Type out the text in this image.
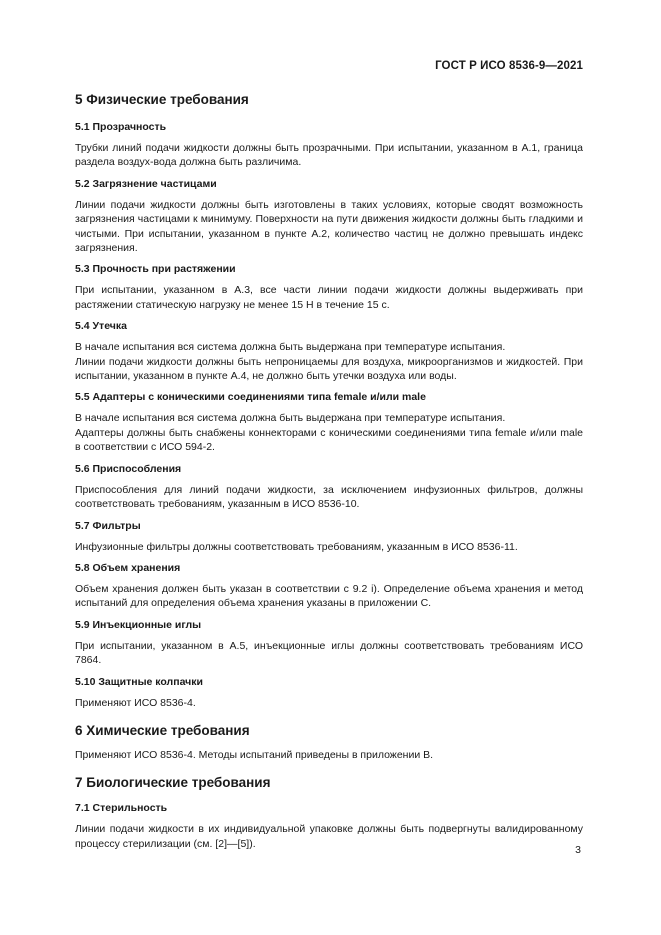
ГОСТ Р ИСО 8536-9—2021
5 Физические требования
5.1 Прозрачность

Трубки линий подачи жидкости должны быть прозрачными. При испытании, указанном в А.1, граница раздела воздух-вода должна быть различима.

5.2 Загрязнение частицами

Линии подачи жидкости должны быть изготовлены в таких условиях, которые сводят возможность загрязнения частицами к минимуму. Поверхности на пути движения жидкости должны быть гладкими и чистыми. При испытании, указанном в пункте А.2, количество частиц не должно превышать индекс загрязнения.

5.3 Прочность при растяжении

При испытании, указанном в А.3, все части линии подачи жидкости должны выдерживать при растяжении статическую нагрузку не менее 15 Н в течение 15 с.

5.4 Утечка

В начале испытания вся система должна быть выдержана при температуре испытания.

Линии подачи жидкости должны быть непроницаемы для воздуха, микроорганизмов и жидкостей. При испытании, указанном в пункте А.4, не должно быть утечки воздуха или воды.

5.5 Адаптеры с коническими соединениями типа female и/или male

В начале испытания вся система должна быть выдержана при температуре испытания.

Адаптеры должны быть снабжены коннекторами с коническими соединениями типа female и/или male в соответствии с ИСО 594-2.

5.6 Приспособления

Приспособления для линий подачи жидкости, за исключением инфузионных фильтров, должны соответствовать требованиям, указанным в ИСО 8536-10.

5.7 Фильтры

Инфузионные фильтры должны соответствовать требованиям, указанным в ИСО 8536-11.

5.8 Объем хранения

Объем хранения должен быть указан в соответствии с 9.2 i). Определение объема хранения и метод испытаний для определения объема хранения указаны в приложении С.

5.9 Инъекционные иглы

При испытании, указанном в А.5, инъекционные иглы должны соответствовать требованиям ИСО 7864.

5.10 Защитные колпачки

Применяют ИСО 8536-4.

6 Химические требования

Применяют ИСО 8536-4. Методы испытаний приведены в приложении В.

7 Биологические требования
7.1 Стерильность

Линии подачи жидкости в их индивидуальной упаковке должны быть подвергнуты валидированному процессу стерилизации (см. [2]—[5]).

3
